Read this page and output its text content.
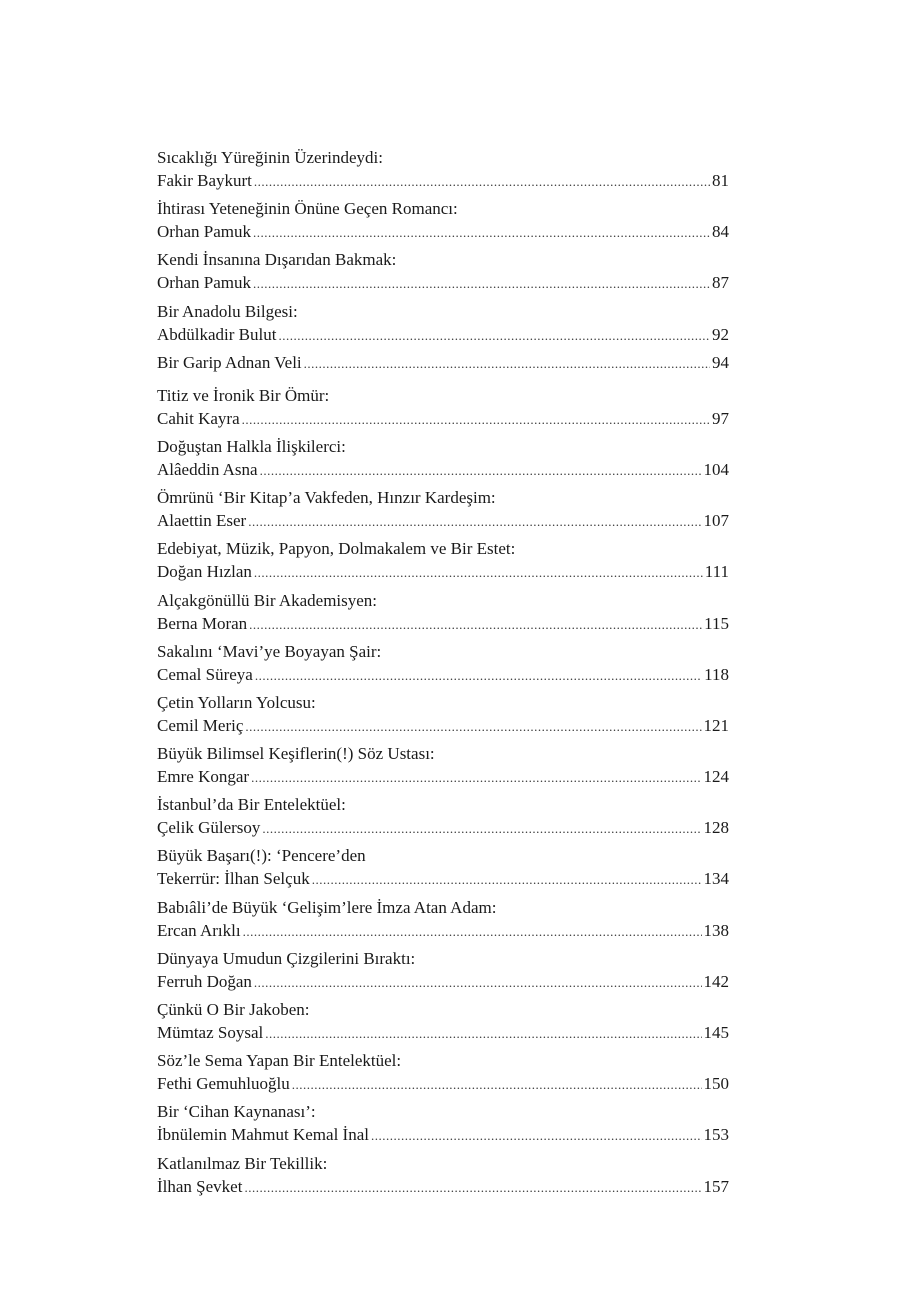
Sıcaklığı Yüreğinin Üzerindeydi:
Fakir Baykurt .....	81
İhtirası Yeteneğinin Önüne Geçen Romancı:
Orhan Pamuk .....	84
Kendi İnsanına Dışarıdan Bakmak:
Orhan Pamuk .....	87
Bir Anadolu Bilgesi:
Abdülkadir Bulut .....	92
Bir Garip Adnan Veli .....	94
Titiz ve İronik Bir Ömür:
Cahit Kayra .....	97
Doğuştan Halkla İlişkilerci:
Alâeddin Asna .....	104
Ömrünü ‘Bir Kitap’a Vakfeden, Hınzır Kardeşim:
Alaettin Eser .....	107
Edebiyat, Müzik, Papyon, Dolmakalem ve Bir Estet:
Doğan Hızlan .....	111
Alçakgönüllü Bir Akademisyen:
Berna Moran .....	115
Sakalını ‘Mavi’ye Boyayan Şair:
Cemal Süreya .....	118
Çetin Yolların Yolcusu:
Cemil Meriç .....	121
Büyük Bilimsel Keşiflerin(!) Söz Ustası:
Emre Kongar .....	124
İstanbul’da Bir Entelektüel:
Çelik Gülersoy .....	128
Büyük Başarı(!): ‘Pencere’den
Tekerrür: İlhan Selçuk .....	134
Babıâli’de Büyük ‘Gelişim’lere İmza Atan Adam:
Ercan Arıklı .....	138
Dünyaya Umudun Çizgilerini Bıraktı:
Ferruh Doğan .....	142
Çünkü O Bir Jakoben:
Mümtaz Soysal .....	145
Söz’le Sema Yapan Bir Entelektüel:
Fethi Gemuhluoğlu .....	150
Bir ‘Cihan Kaynanası’:
İbnülemin Mahmut Kemal İnal .....	153
Katlanılmaz Bir Tekillik:
İlhan Şevket .....	157
